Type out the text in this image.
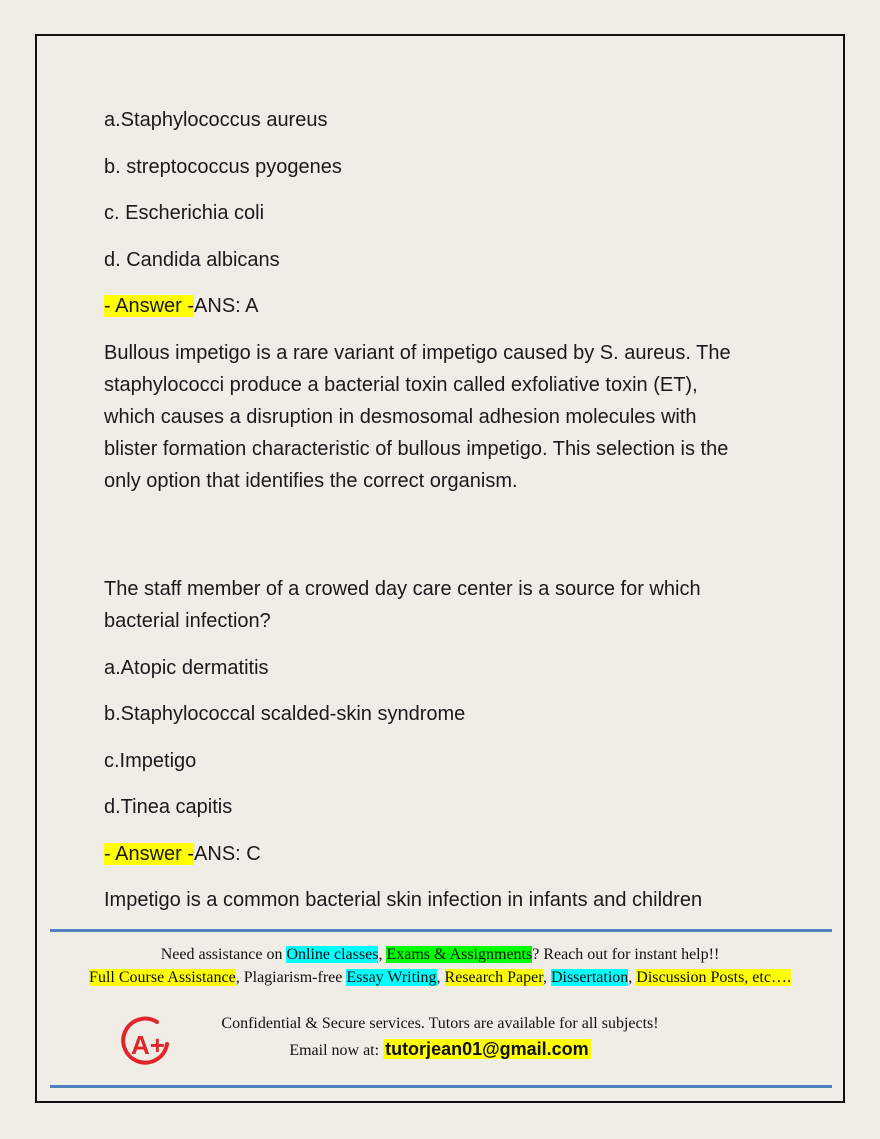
a.Staphylococcus aureus
b. streptococcus pyogenes
c. Escherichia coli
d. Candida albicans
- Answer -ANS: A
Bullous impetigo is a rare variant of impetigo caused by S. aureus. The
staphylococci produce a bacterial toxin called exfoliative toxin (ET),
which causes a disruption in desmosomal adhesion molecules with
blister formation characteristic of bullous impetigo. This selection is the
only option that identifies the correct organism.
The staff member of a crowed day care center is a source for which
bacterial infection?
a.Atopic dermatitis
b.Staphylococcal scalded-skin syndrome
c.Impetigo
d.Tinea capitis
- Answer -ANS: C
Impetigo is a common bacterial skin infection in infants and children
Need assistance on Online classes, Exams & Assignments? Reach out for instant help!!
Full Course Assistance, Plagiarism-free Essay Writing, Research Paper, Dissertation, Discussion Posts, etc….
A+
Confidential & Secure services. Tutors are available for all subjects!
Email now at: tutorjean01@gmail.com
